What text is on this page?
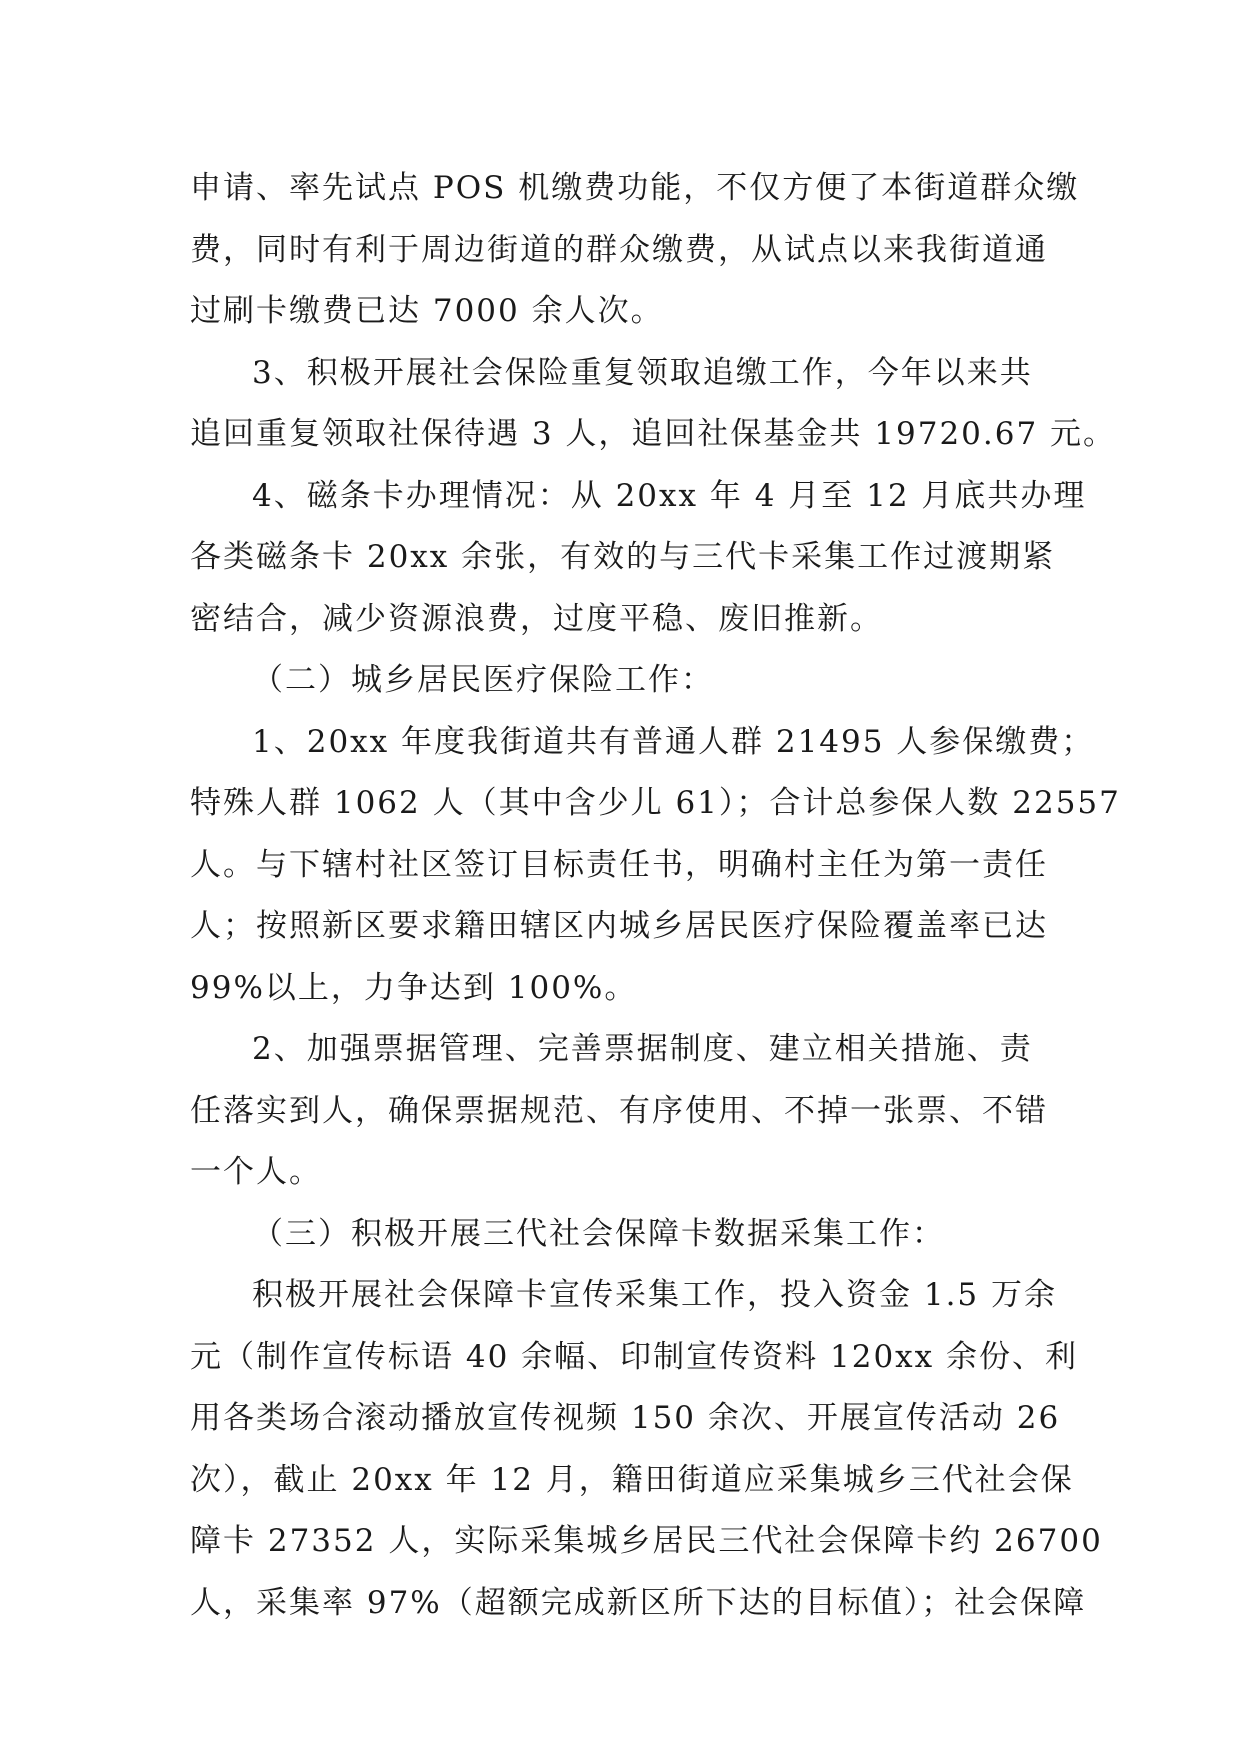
申请、率先试点 POS 机缴费功能，不仅方便了本街道群众缴
费，同时有利于周边街道的群众缴费，从试点以来我街道通
过刷卡缴费已达 7000 余人次。
3、积极开展社会保险重复领取追缴工作，今年以来共
追回重复领取社保待遇 3 人，追回社保基金共 19720.67 元。
4、磁条卡办理情况：从 20xx 年 4 月至 12 月底共办理
各类磁条卡 20xx 余张，有效的与三代卡采集工作过渡期紧
密结合，减少资源浪费，过度平稳、废旧推新。
（二）城乡居民医疗保险工作：
1、20xx 年度我街道共有普通人群 21495 人参保缴费；
特殊人群 1062 人（其中含少儿 61）；合计总参保人数 22557
人。与下辖村社区签订目标责任书，明确村主任为第一责任
人；按照新区要求籍田辖区内城乡居民医疗保险覆盖率已达
99%以上，力争达到 100%。
2、加强票据管理、完善票据制度、建立相关措施、责
任落实到人，确保票据规范、有序使用、不掉一张票、不错
一个人。
（三）积极开展三代社会保障卡数据采集工作：
积极开展社会保障卡宣传采集工作，投入资金 1.5 万余
元（制作宣传标语 40 余幅、印制宣传资料 120xx 余份、利
用各类场合滚动播放宣传视频 150 余次、开展宣传活动 26
次），截止 20xx 年 12 月，籍田街道应采集城乡三代社会保
障卡 27352 人，实际采集城乡居民三代社会保障卡约 26700
人，采集率 97%（超额完成新区所下达的目标值）；社会保障
